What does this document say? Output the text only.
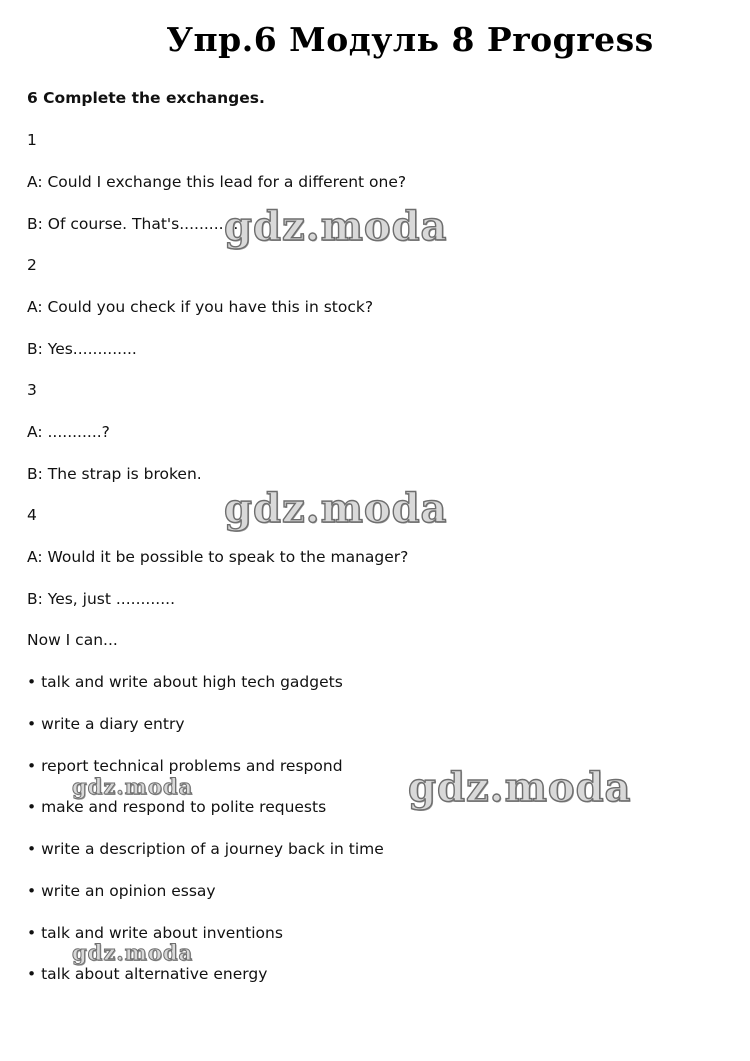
Упр.6 Модуль 8 Progress
6 Complete the exchanges.
1
A: Could I exchange this lead for a different one?
B: Of course. That's............
2
A: Could you check if you have this in stock?
B: Yes.............
3
A: ...........?
B: The strap is broken.
4
A: Would it be possible to speak to the manager?
B: Yes, just ............
Now I can...
• talk and write about high tech gadgets
• write a diary entry
• report technical problems and respond
• make and respond to polite requests
• write a description of a journey back in time
• write an opinion essay
• talk and write about inventions
• talk about alternative energy
gdz.moda
gdz.moda
gdz.moda
gdz.moda
gdz.moda
